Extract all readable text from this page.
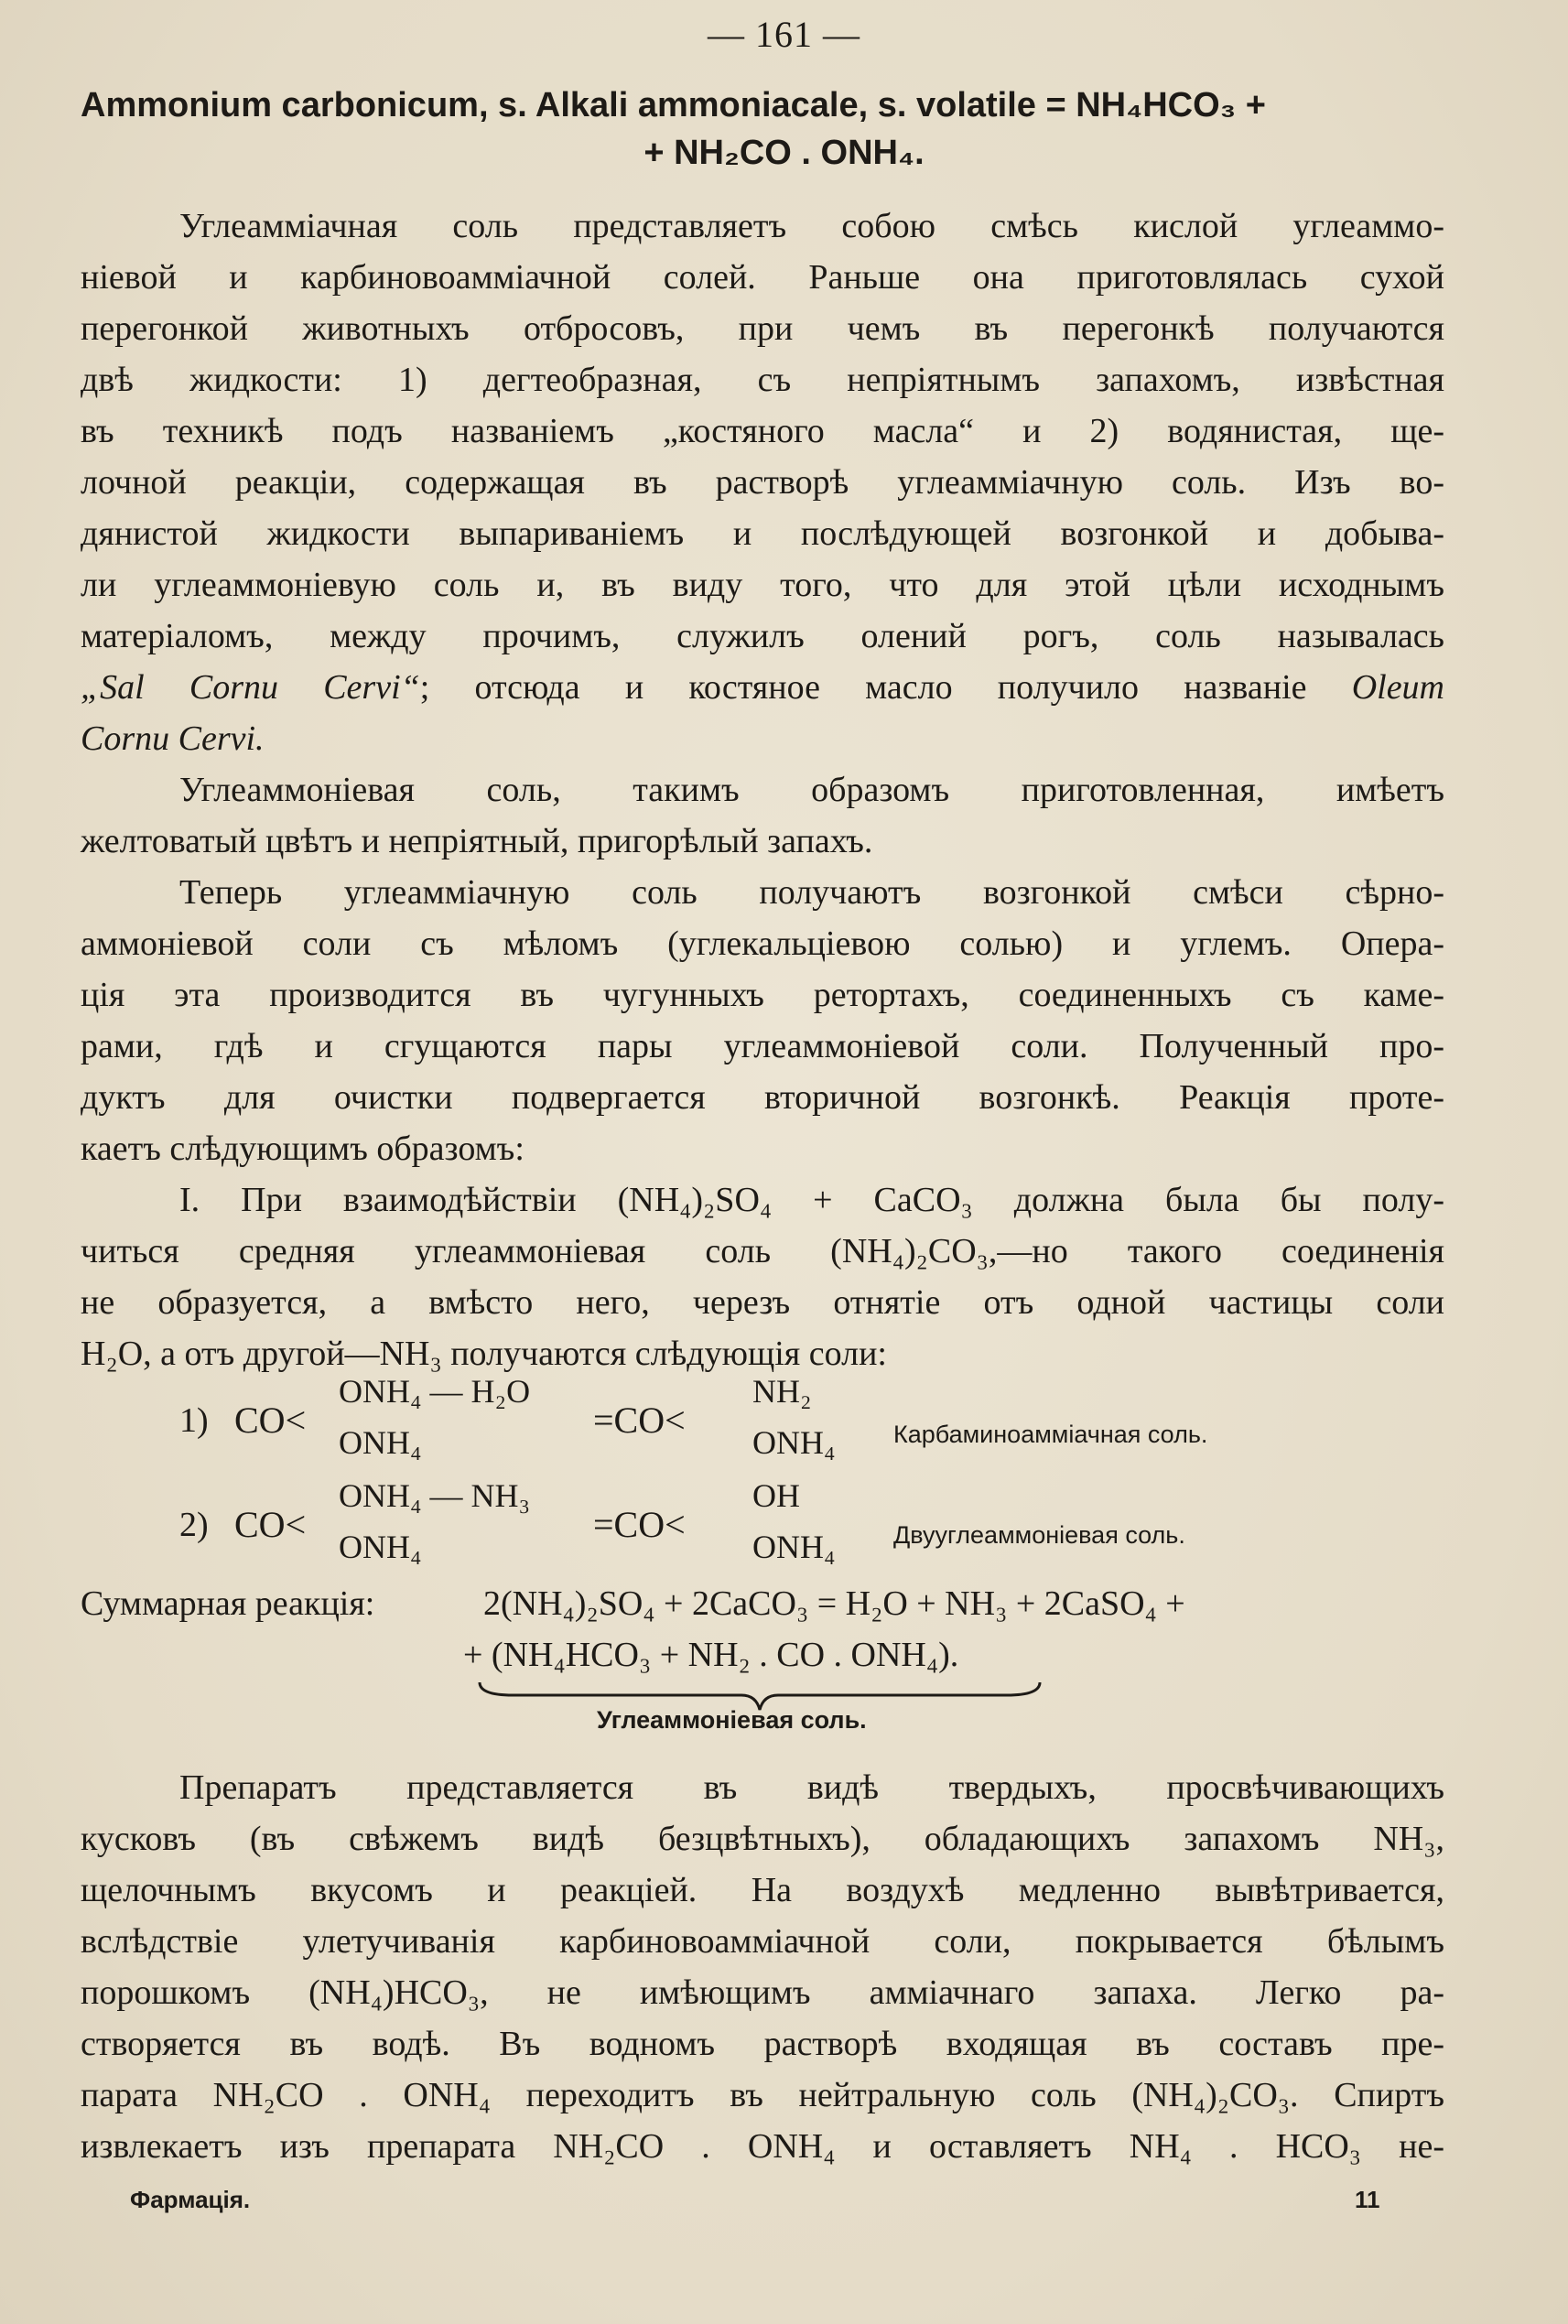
— 161 —
Ammonium carbonicum, s. Alkali ammoniacale, s. volatile = NH₄HCO₃ +
+ NH₂CO . ONH₄.
Углеамміачная соль представляетъ собою смѣсь кислой углеаммо-
ніевой и карбиновоамміачной солей. Раньше она приготовлялась сухой
перегонкой животныхъ отбросовъ, при чемъ въ перегонкѣ получаются
двѣ жидкости: 1) дегтеобразная, съ непріятнымъ запахомъ, извѣстная
въ техникѣ подъ названіемъ „костяного масла“ и 2) водянистая, ще-
лочной реакціи, содержащая въ растворѣ углеамміачную соль. Изъ во-
дянистой жидкости выпариваніемъ и послѣдующей возгонкой и добыва-
ли углеаммоніевую соль и, въ виду того, что для этой цѣли исходнымъ
матеріаломъ, между прочимъ, служилъ олений рогъ, соль называлась
„Sal Cornu Cervi“; отсюда и костяное масло получило названіе Oleum
Cornu Cervi.
Углеаммоніевая соль, такимъ образомъ приготовленная, имѣетъ
желтоватый цвѣтъ и непріятный, пригорѣлый запахъ.
Теперь углеамміачную соль получаютъ возгонкой смѣси сѣрно-
аммоніевой соли съ мѣломъ (углекальціевою солью) и углемъ. Опера-
ція эта производится въ чугунныхъ ретортахъ, соединенныхъ съ каме-
рами, гдѣ и сгущаются пары углеаммоніевой соли. Полученный про-
дуктъ для очистки подвергается вторичной возгонкѣ. Реакція проте-
каетъ слѣдующимъ образомъ:
I. При взаимодѣйствіи (NH₄)₂SO₄ + CaCO₃ должна была бы полу-
читься средняя углеаммоніевая соль (NH₄)₂CO₃,—но такого соединенія
не образуется, а вмѣсто него, черезъ отнятіе отъ одной частицы соли
H₂O, а отъ другой—NH₃ получаются слѣдующія соли:
1) CO<
ONH₄ — H₂O
ONH₄
=CO<
NH₂
ONH₄ Карбаминоамміачная соль.
2) CO<
ONH₄ — NH₃
ONH₄
=CO<
OH
ONH₄ Двууглеаммоніевая соль.
Суммарная реакція:	2(NH₄)₂SO₄ + 2CaCO₃ = H₂O + NH₃ + 2CaSO₄ +
+ (NH₄HCO₃ + NH₂ . CO . ONH₄).
Углеаммоніевая соль.
Препаратъ представляется въ видѣ твердыхъ, просвѣчивающихъ
кусковъ (въ свѣжемъ видѣ безцвѣтныхъ), обладающихъ запахомъ NH₃,
щелочнымъ вкусомъ и реакціей. На воздухѣ медленно вывѣтривается,
вслѣдствіе улетучиванія карбиновоамміачной соли, покрывается бѣлымъ
порошкомъ (NH₄)HCO₃, не имѣющимъ амміачнаго запаха. Легко ра-
створяется въ водѣ. Въ водномъ растворѣ входящая въ составъ пре-
парата NH₂CO . ONH₄ переходитъ въ нейтральную соль (NH₄)₂CO₃. Спиртъ
извлекаетъ изъ препарата NH₂CO . ONH₄ и оставляетъ NH₄ . HCO₃ не-
Фармація.	11
